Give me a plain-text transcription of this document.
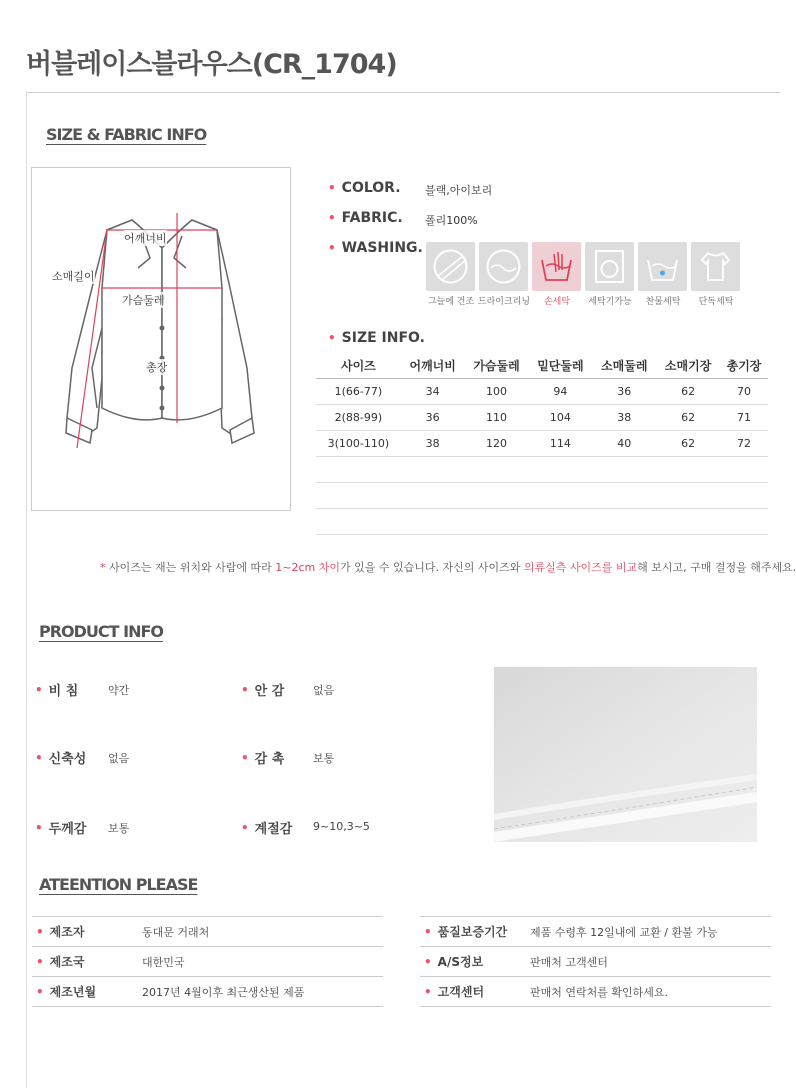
버블레이스블라우스(CR_1704)
SIZE & FABRIC INFO
어깨너비
소매길이
가슴둘레
총장
• COLOR. 블랙,아이보리
• FABRIC. 폴리100%
• WASHING.
그늘에 건조 드라이크리닝	손세탁	세탁기가능	찬물세탁	단독세탁
• SIZE INFO.
사이즈	어깨너비	가슴둘레	밑단둘레	소매둘레	소매기장	총기장
1(66-77)	34	100	94	36	62	70
2(88-99)	36	110	104	38	62	71
3(100-110)	38	120	114	40	62	72

* 사이즈는 재는 위치와 사람에 따라 1~2cm 차이가 있을 수 있습니다. 자신의 사이즈와 의류실측 사이즈를 비교해 보시고, 구매 결정을 해주세요.
PRODUCT INFO
• 비 침	약간	• 안 감	없음
• 신축성 없음	• 감 촉	보통
• 두께감 보통	• 계절감 9~10,3~5
ATEENTION PLEASE
• 제조자	동대문 거래처
• 제조국	대한민국
• 제조년월	2017년 4월이후 최근생산된 제품
• 품질보증기간 제품 수령후 12일내에 교환 / 환불 가능
• A/S정보	판매처 고객센터
• 고객센터	판매처 연락처를 확인하세요.
